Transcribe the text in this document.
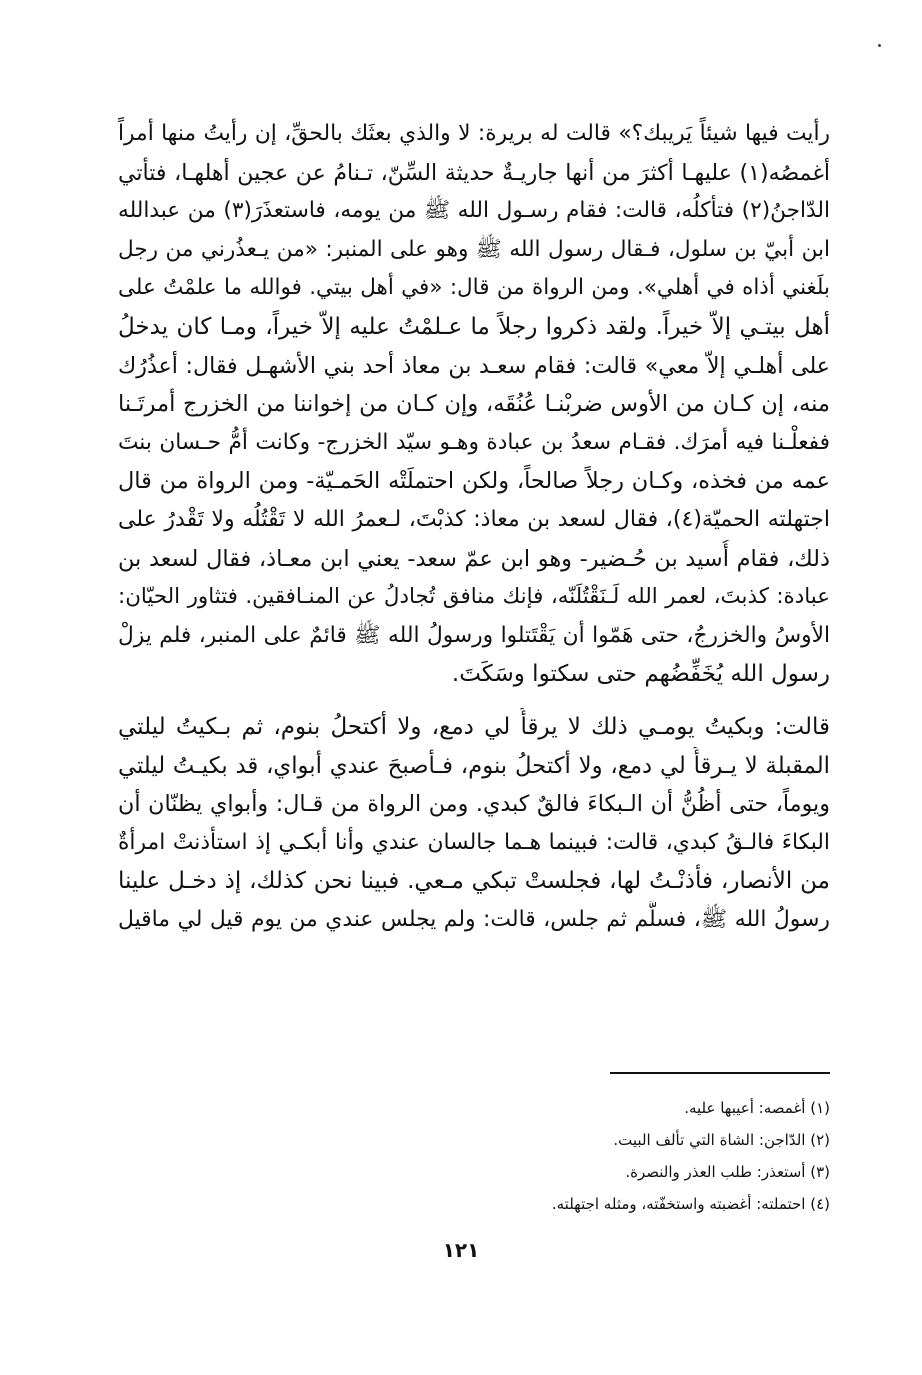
رأيت فيها شيئاً يَريبك؟» قالت له بريرة: لا والذي بعثَك بالحقِّ، إن رأيتُ منها أمراً
أغمصُه(١) عليهـا أكثرَ من أنها جاريـةٌ حديثة السِّنّ، تـنامُ عن عجين أهلهـا، فتأتي
الدّاجنُ(٢) فتأكلُه، قالت: فقام رسـول الله ﷺ من يومه، فاستعذَرَ(٣) من عبدالله
ابن أبيّ بن سلول، فـقال رسول الله ﷺ وهو على المنبر: «من يـعذُرني من رجل
بلَغني أذاه في أهلي». ومن الرواة من قال: «في أهل بيتي. فوالله ما علمْتُ على
أهل بيتـي إلاّ خيراً. ولقد ذكروا رجلاً ما عـلمْتُ عليه إلاّ خيراً، ومـا كان يدخلُ
على أهلـي إلاّ معي» قالت: فقام سعـد بن معاذ أحد بني الأشهـل فقال: أعذُرُك
منه، إن كـان من الأوس ضربْنـا عُنُقَه، وإن كـان من إخواننا من الخزرج أمرتَـنا
ففعلْـنا فيه أمرَك. فقـام سعدُ بن عبادة وهـو سيّد الخزرج- وكانت أمُّ حـسان بنتَ
عمه من فخذه، وكـان رجلاً صالحاً، ولكن احتملَتْه الحَمـيّة- ومن الرواة من قال
اجتهلته الحميّة(٤)، فقال لسعد بن معاذ: كذبْتَ، لـعمرُ الله لا تَقْتُلُه ولا تَقْدرُ على
ذلك، فقام أُسيد بن حُـضير- وهو ابن عمّ سعد- يعني ابن معـاذ، فقال لسعد بن
عبادة: كذبتَ، لعمر الله لَـنَقْتُلَنّه، فإنك منافق تُجادلُ عن المنـافقين. فتثاور الحيّان:
الأوسُ والخزرجُ، حتى هَمّوا أن يَقْتَتلوا ورسولُ الله ﷺ قائمٌ على المنبر، فلم يزلْ
رسول الله يُخَفِّضُهم حتى سكتوا وسَكَتَ.
قالت: وبكيتُ يومـي ذلك لا يرقأُ لي دمع، ولا أكتحلُ بنوم، ثم بـكيتُ ليلتي
المقبلة لا يـرقأُ لي دمع، ولا أكتحلُ بنوم، فـأصبحَ عندي أبواي، قد بكيـتُ ليلتي
ويوماً، حتى أظُنُّ أن الـبكاءَ فالقٌ كبدي. ومن الرواة من قـال: وأبواي يظنّان أن
البكاءَ فالـقُ كبدي، قالت: فبينما هـما جالسان عندي وأنا أبكـي إذ استأذنتْ امرأةٌ
من الأنصار، فأذنْـتُ لها، فجلستْ تبكي مـعي. فبينا نحن كذلك، إذ دخـل علينا
رسولُ الله ﷺ، فسلَّم ثم جلس، قالت: ولم يجلس عندي من يوم قيل لي ماقيل
(١) أغمصه: أعيبها عليه.
(٢) الدّاجن: الشاة التي تألف البيت.
(٣) أستعذر: طلب العذر والنصرة.
(٤) احتملته: أغضبته واستخفّته، ومثله اجتهلته.
١٢١
